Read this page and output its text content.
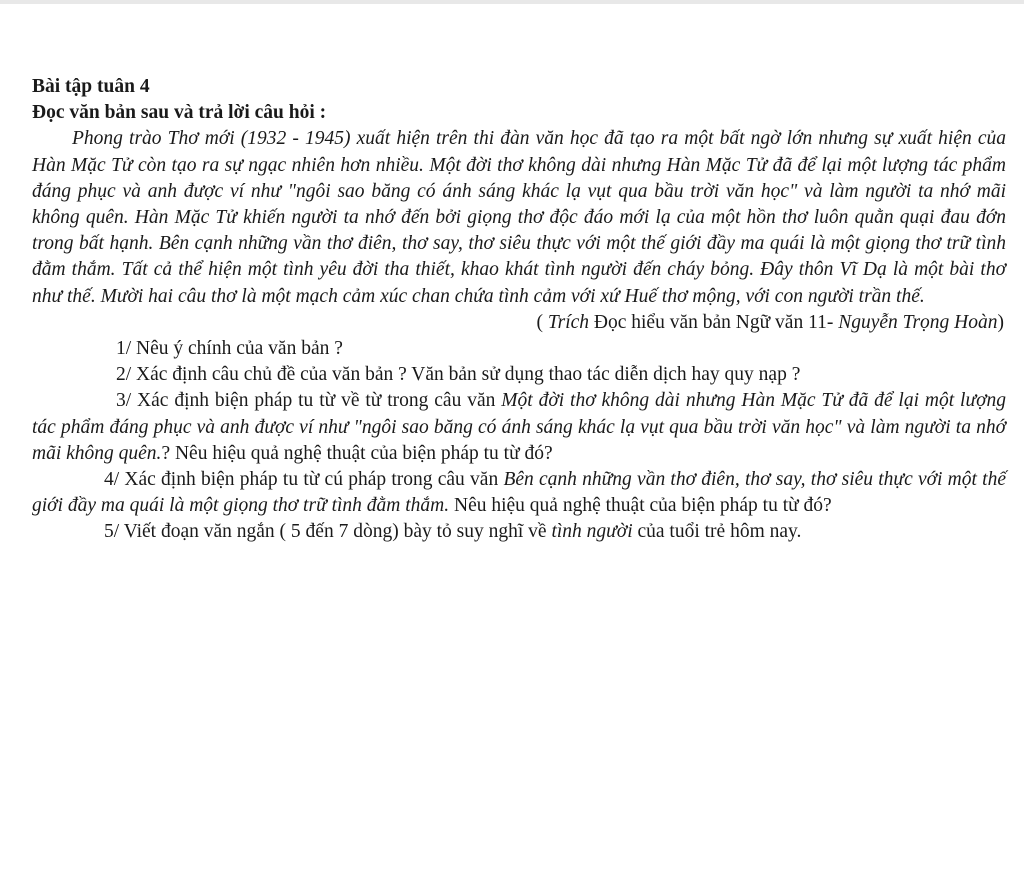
Bài tập tuân 4

Đọc văn bản sau và trả lời câu hỏi :

Phong trào Thơ mới (1932 - 1945) xuất hiện trên thi đàn văn học đã tạo ra một bất ngờ lớn nhưng sự xuất hiện của Hàn Mặc Tử còn tạo ra sự ngạc nhiên hơn nhiều. Một đời thơ không dài nhưng Hàn Mặc Tử đã để lại một lượng tác phẩm đáng phục và anh được ví như "ngôi sao băng có ánh sáng khác lạ vụt qua bầu trời văn học" và làm người ta nhớ mãi không quên. Hàn Mặc Tử khiến người ta nhớ đến bởi giọng thơ độc đáo mới lạ của một hồn thơ luôn quằn quại đau đớn trong bất hạnh. Bên cạnh những vần thơ điên, thơ say, thơ siêu thực với một thế giới đầy ma quái là một giọng thơ trữ tình đằm thắm. Tất cả thể hiện một tình yêu đời tha thiết, khao khát tình người đến cháy bỏng. Đây thôn Vĩ Dạ là một bài thơ như thế. Mười hai câu thơ là một mạch cảm xúc chan chứa tình cảm với xứ Huế thơ mộng, với con người trần thế.

( Trích Đọc hiểu văn bản Ngữ văn 11- Nguyễn Trọng Hoàn)

1/ Nêu ý chính của văn bản ?

2/ Xác định câu chủ đề của văn bản ? Văn bản sử dụng thao tác diễn dịch hay quy nạp ?

3/ Xác định biện pháp tu từ về từ trong câu văn Một đời thơ không dài nhưng Hàn Mặc Tử đã để lại một lượng tác phẩm đáng phục và anh được ví như "ngôi sao băng có ánh sáng khác lạ vụt qua bầu trời văn học" và làm người ta nhớ mãi không quên.? Nêu hiệu quả nghệ thuật của biện pháp tu từ đó?

4/ Xác định biện pháp tu từ cú pháp trong câu văn Bên cạnh những vần thơ điên, thơ say, thơ siêu thực với một thế giới đầy ma quái là một giọng thơ trữ tình đằm thắm. Nêu hiệu quả nghệ thuật của biện pháp tu từ đó?

5/ Viết đoạn văn ngắn ( 5 đến 7 dòng) bày tỏ suy nghĩ về tình người của tuổi trẻ hôm nay.
